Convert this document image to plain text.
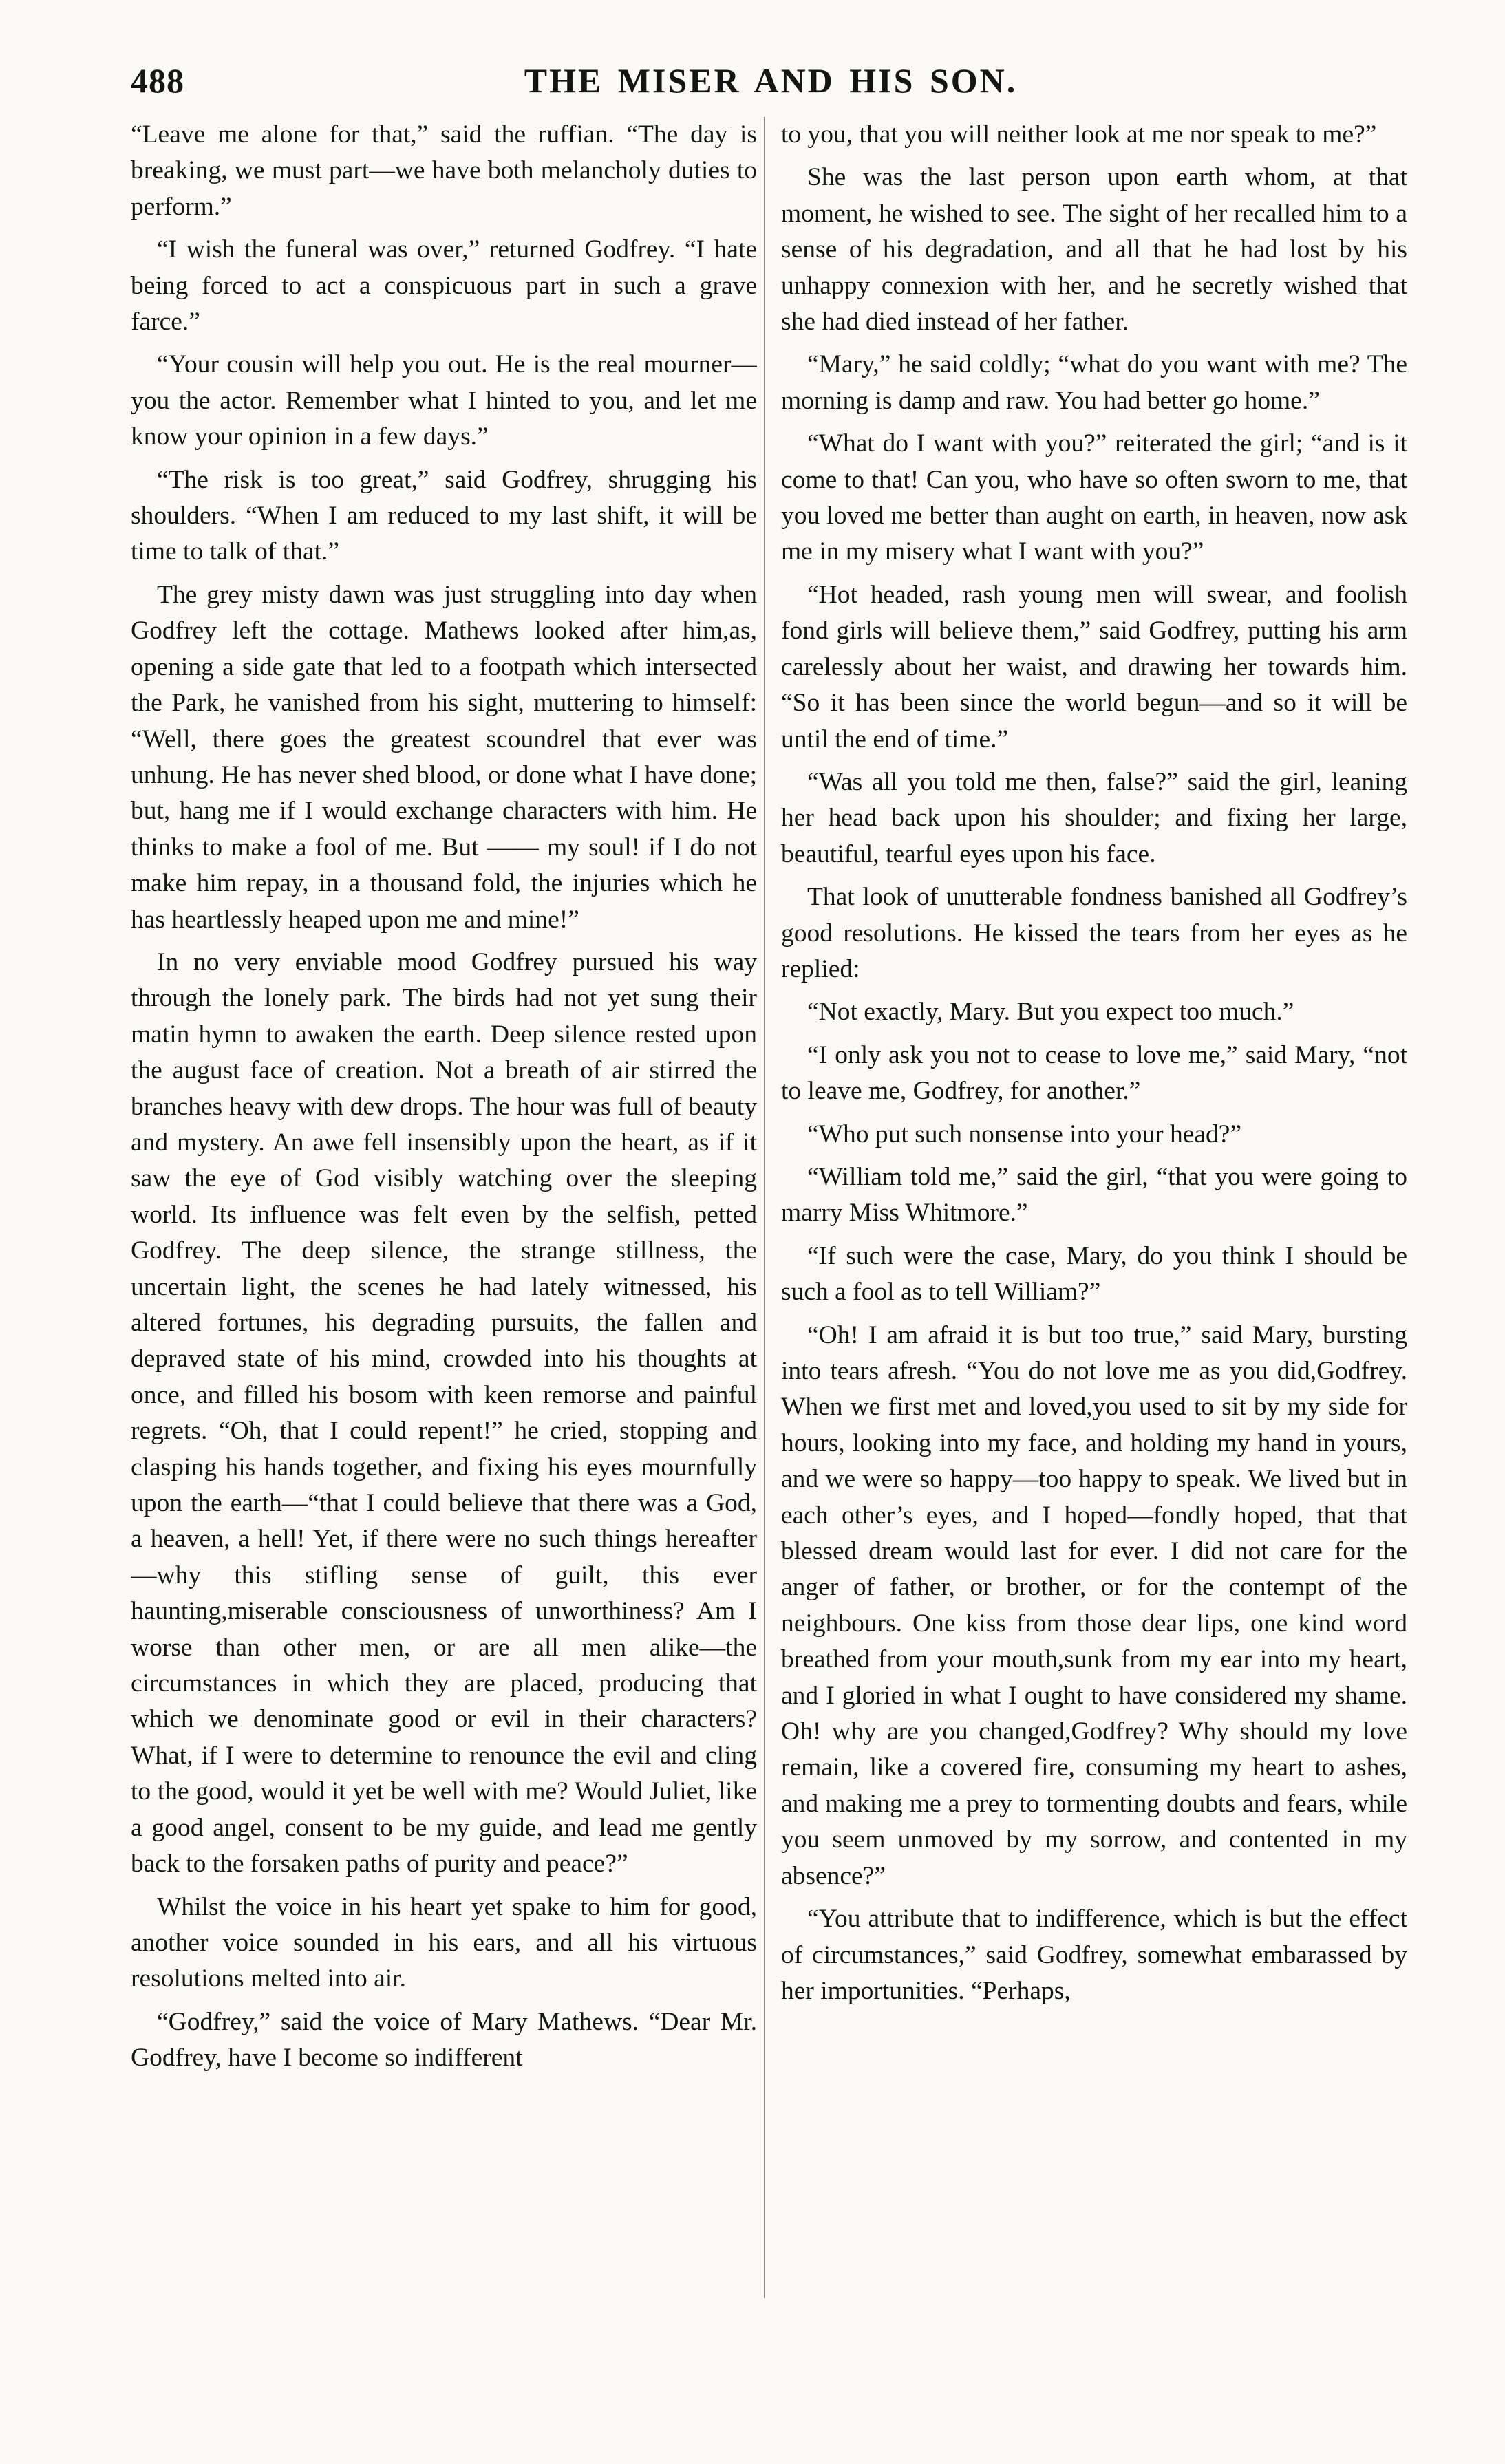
488	THE MISER AND HIS SON.

“Leave me alone for that,” said the ruffian. “The day is breaking, we must part—we have both melancholy duties to perform.”

“I wish the funeral was over,” returned Godfrey. “I hate being forced to act a conspicuous part in such a grave farce.”

“Your cousin will help you out. He is the real mourner—you the actor. Remember what I hinted to you, and let me know your opinion in a few days.”

“The risk is too great,” said Godfrey, shrugging his shoulders. “When I am reduced to my last shift, it will be time to talk of that.”

The grey misty dawn was just struggling into day when Godfrey left the cottage. Mathews looked after him,as, opening a side gate that led to a footpath which intersected the Park, he vanished from his sight, muttering to himself: “Well, there goes the greatest scoundrel that ever was unhung. He has never shed blood, or done what I have done; but, hang me if I would exchange characters with him. He thinks to make a fool of me. But —— my soul! if I do not make him repay, in a thousand fold, the injuries which he has heartlessly heaped upon me and mine!”

In no very enviable mood Godfrey pursued his way through the lonely park. The birds had not yet sung their matin hymn to awaken the earth. Deep silence rested upon the august face of creation. Not a breath of air stirred the branches heavy with dew drops. The hour was full of beauty and mystery. An awe fell insensibly upon the heart, as if it saw the eye of God visibly watching over the sleeping world. Its influence was felt even by the selfish, petted Godfrey. The deep silence, the strange stillness, the uncertain light, the scenes he had lately witnessed, his altered fortunes, his degrading pursuits, the fallen and depraved state of his mind, crowded into his thoughts at once, and filled his bosom with keen remorse and painful regrets. “Oh, that I could repent!” he cried, stopping and clasping his hands together, and fixing his eyes mournfully upon the earth—“that I could believe that there was a God, a heaven, a hell! Yet, if there were no such things hereafter—why this stifling sense of guilt, this ever haunting,miserable consciousness of unworthiness? Am I worse than other men, or are all men alike—the circumstances in which they are placed, producing that which we denominate good or evil in their characters? What, if I were to determine to renounce the evil and cling to the good, would it yet be well with me? Would Juliet, like a good angel, consent to be my guide, and lead me gently back to the forsaken paths of purity and peace?”

Whilst the voice in his heart yet spake to him for good, another voice sounded in his ears, and all his virtuous resolutions melted into air.

“Godfrey,” said the voice of Mary Mathews. “Dear Mr. Godfrey, have I become so indifferent

to you, that you will neither look at me nor speak to me?”

She was the last person upon earth whom, at that moment, he wished to see. The sight of her recalled him to a sense of his degradation, and all that he had lost by his unhappy connexion with her, and he secretly wished that she had died instead of her father.

“Mary,” he said coldly; “what do you want with me? The morning is damp and raw. You had better go home.”

“What do I want with you?” reiterated the girl; “and is it come to that! Can you, who have so often sworn to me, that you loved me better than aught on earth, in heaven, now ask me in my misery what I want with you?”

“Hot headed, rash young men will swear, and foolish fond girls will believe them,” said Godfrey, putting his arm carelessly about her waist, and drawing her towards him. “So it has been since the world begun—and so it will be until the end of time.”

“Was all you told me then, false?” said the girl, leaning her head back upon his shoulder; and fixing her large, beautiful, tearful eyes upon his face.

That look of unutterable fondness banished all Godfrey’s good resolutions. He kissed the tears from her eyes as he replied:

“Not exactly, Mary. But you expect too much.”

“I only ask you not to cease to love me,” said Mary, “not to leave me, Godfrey, for another.”

“Who put such nonsense into your head?”

“William told me,” said the girl, “that you were going to marry Miss Whitmore.”

“If such were the case, Mary, do you think I should be such a fool as to tell William?”

“Oh! I am afraid it is but too true,” said Mary, bursting into tears afresh. “You do not love me as you did,Godfrey. When we first met and loved,you used to sit by my side for hours, looking into my face, and holding my hand in yours, and we were so happy—too happy to speak. We lived but in each other’s eyes, and I hoped—fondly hoped, that that blessed dream would last for ever. I did not care for the anger of father, or brother, or for the contempt of the neighbours. One kiss from those dear lips, one kind word breathed from your mouth,sunk from my ear into my heart, and I gloried in what I ought to have considered my shame. Oh! why are you changed,Godfrey? Why should my love remain, like a covered fire, consuming my heart to ashes, and making me a prey to tormenting doubts and fears, while you seem unmoved by my sorrow, and contented in my absence?”

“You attribute that to indifference, which is but the effect of circumstances,” said Godfrey, somewhat embarassed by her importunities. “Perhaps,
